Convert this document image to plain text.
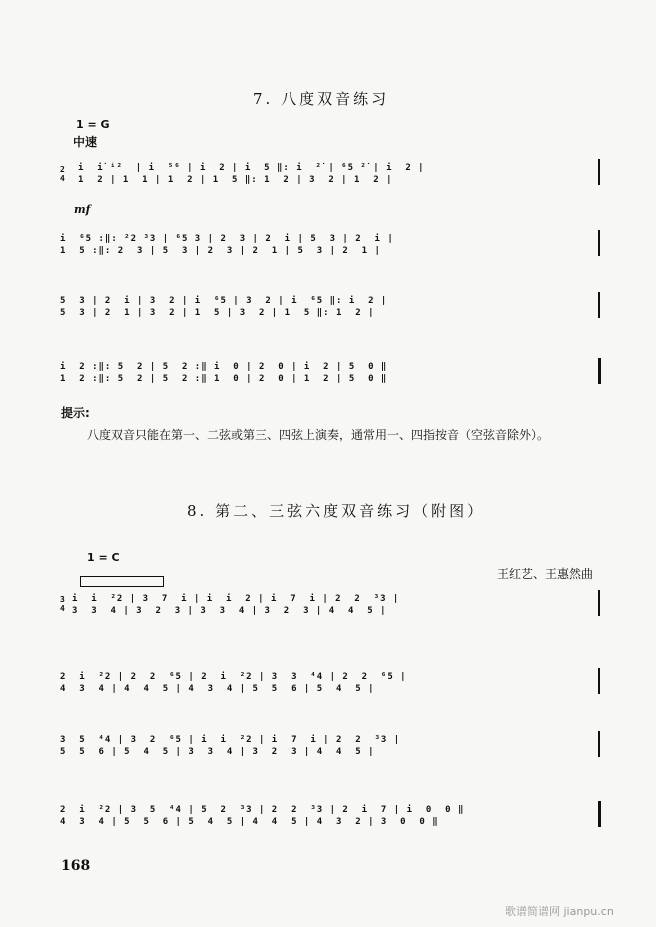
7. 八度双音练习
1 = G
中速
2
4
mf
i  i̇ ⁱ²  | i  ⁵⁶ | i  2 | i  5 ‖: i  ²̇ | ⁶5 ²̇ | i  2 |
1  2 | 1  1 | 1  2 | 1  5 ‖: 1  2 | 3  2 | 1  2 |
i  ⁶5 :‖: ²2 ³3 | ⁶5 3 | 2  3 | 2  i | 5  3 | 2  i |
1  5 :‖: 2  3 | 5  3 | 2  3 | 2  1 | 5  3 | 2  1 |
5  3 | 2  i | 3  2 | i  ⁶5 | 3  2 | i  ⁶5 ‖: i  2 |
5  3 | 2  1 | 3  2 | 1  5 | 3  2 | 1  5 ‖: 1  2 |
i  2 :‖: 5  2 | 5  2 :‖ i  0 | 2  0 | i  2 | 5  0 ‖
1  2 :‖: 5  2 | 5  2 :‖ 1  0 | 2  0 | 1  2 | 5  0 ‖
提示:
八度双音只能在第一、二弦或第三、四弦上演奏，通常用一、四指按音（空弦音除外）。
8. 第二、三弦六度双音练习（附图）
1 = C
王红艺、王惠然曲
3
4
i  i  ²2 | 3  7  i | i  i  2 | i  7  i | 2  2  ³3 |
3  3  4 | 3  2  3 | 3  3  4 | 3  2  3 | 4  4  5 |
2  i  ²2 | 2  2  ⁶5 | 2  i  ²2 | 3  3  ⁴4 | 2  2  ⁶5 |
4  3  4 | 4  4  5 | 4  3  4 | 5  5  6 | 5  4  5 |
3  5  ⁴4 | 3  2  ⁶5 | i  i  ²2 | i  7  i | 2  2  ³3 |
5  5  6 | 5  4  5 | 3  3  4 | 3  2  3 | 4  4  5 |
2  i  ²2 | 3  5  ⁴4 | 5  2  ³3 | 2  2  ³3 | 2  i  7 | i  0  0 ‖
4  3  4 | 5  5  6 | 5  4  5 | 4  4  5 | 4  3  2 | 3  0  0 ‖
168
歌谱简谱网 jianpu.cn
